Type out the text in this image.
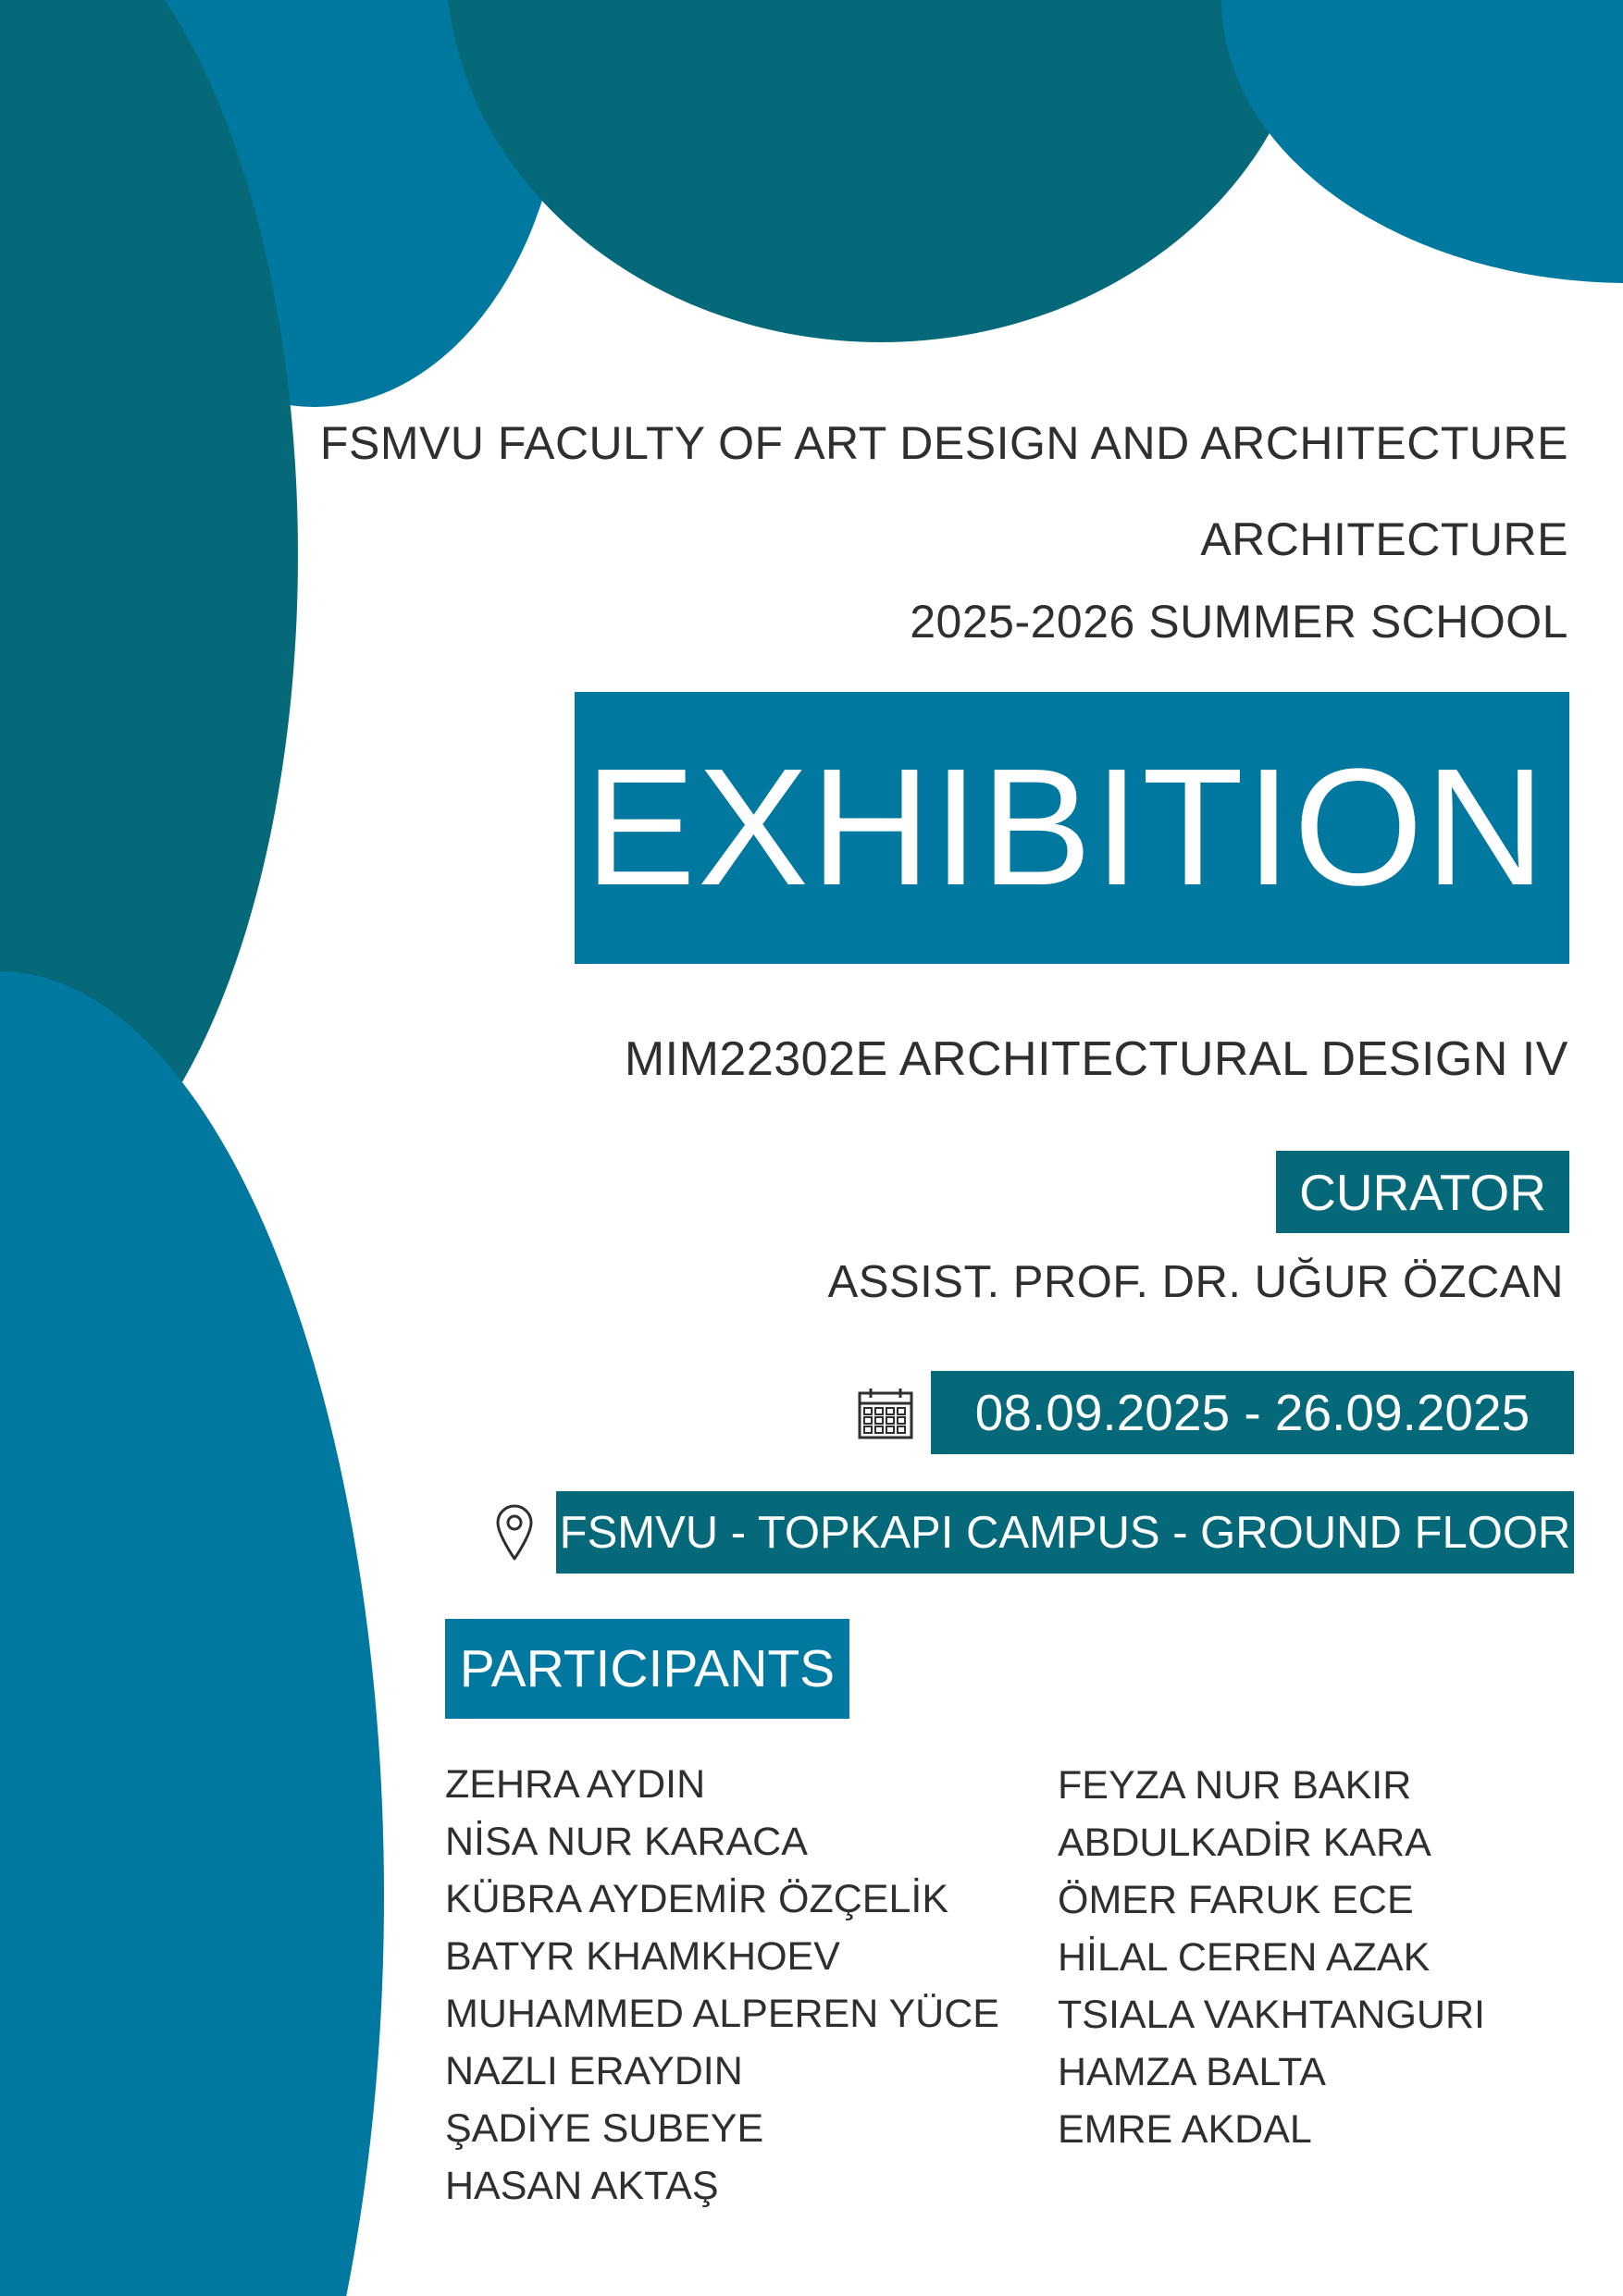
FSMVU FACULTY OF ART DESIGN AND ARCHITECTURE
ARCHITECTURE
2025-2026 SUMMER SCHOOL
EXHIBITION
MIM22302E ARCHITECTURAL DESIGN IV
CURATOR
ASSIST. PROF. DR. UĞUR ÖZCAN
08.09.2025 - 26.09.2025
FSMVU - TOPKAPI CAMPUS - GROUND FLOOR
PARTICIPANTS
ZEHRA AYDIN
NİSA NUR KARACA
KÜBRA AYDEMİR ÖZÇELİK
BATYR KHAMKHOEV
MUHAMMED ALPEREN YÜCE
NAZLI ERAYDIN
ŞADİYE SUBEYE
HASAN AKTAŞ
FEYZA NUR BAKIR
ABDULKADİR KARA
ÖMER FARUK ECE
HİLAL CEREN AZAK
TSIALA VAKHTANGURI
HAMZA BALTA
EMRE AKDAL
